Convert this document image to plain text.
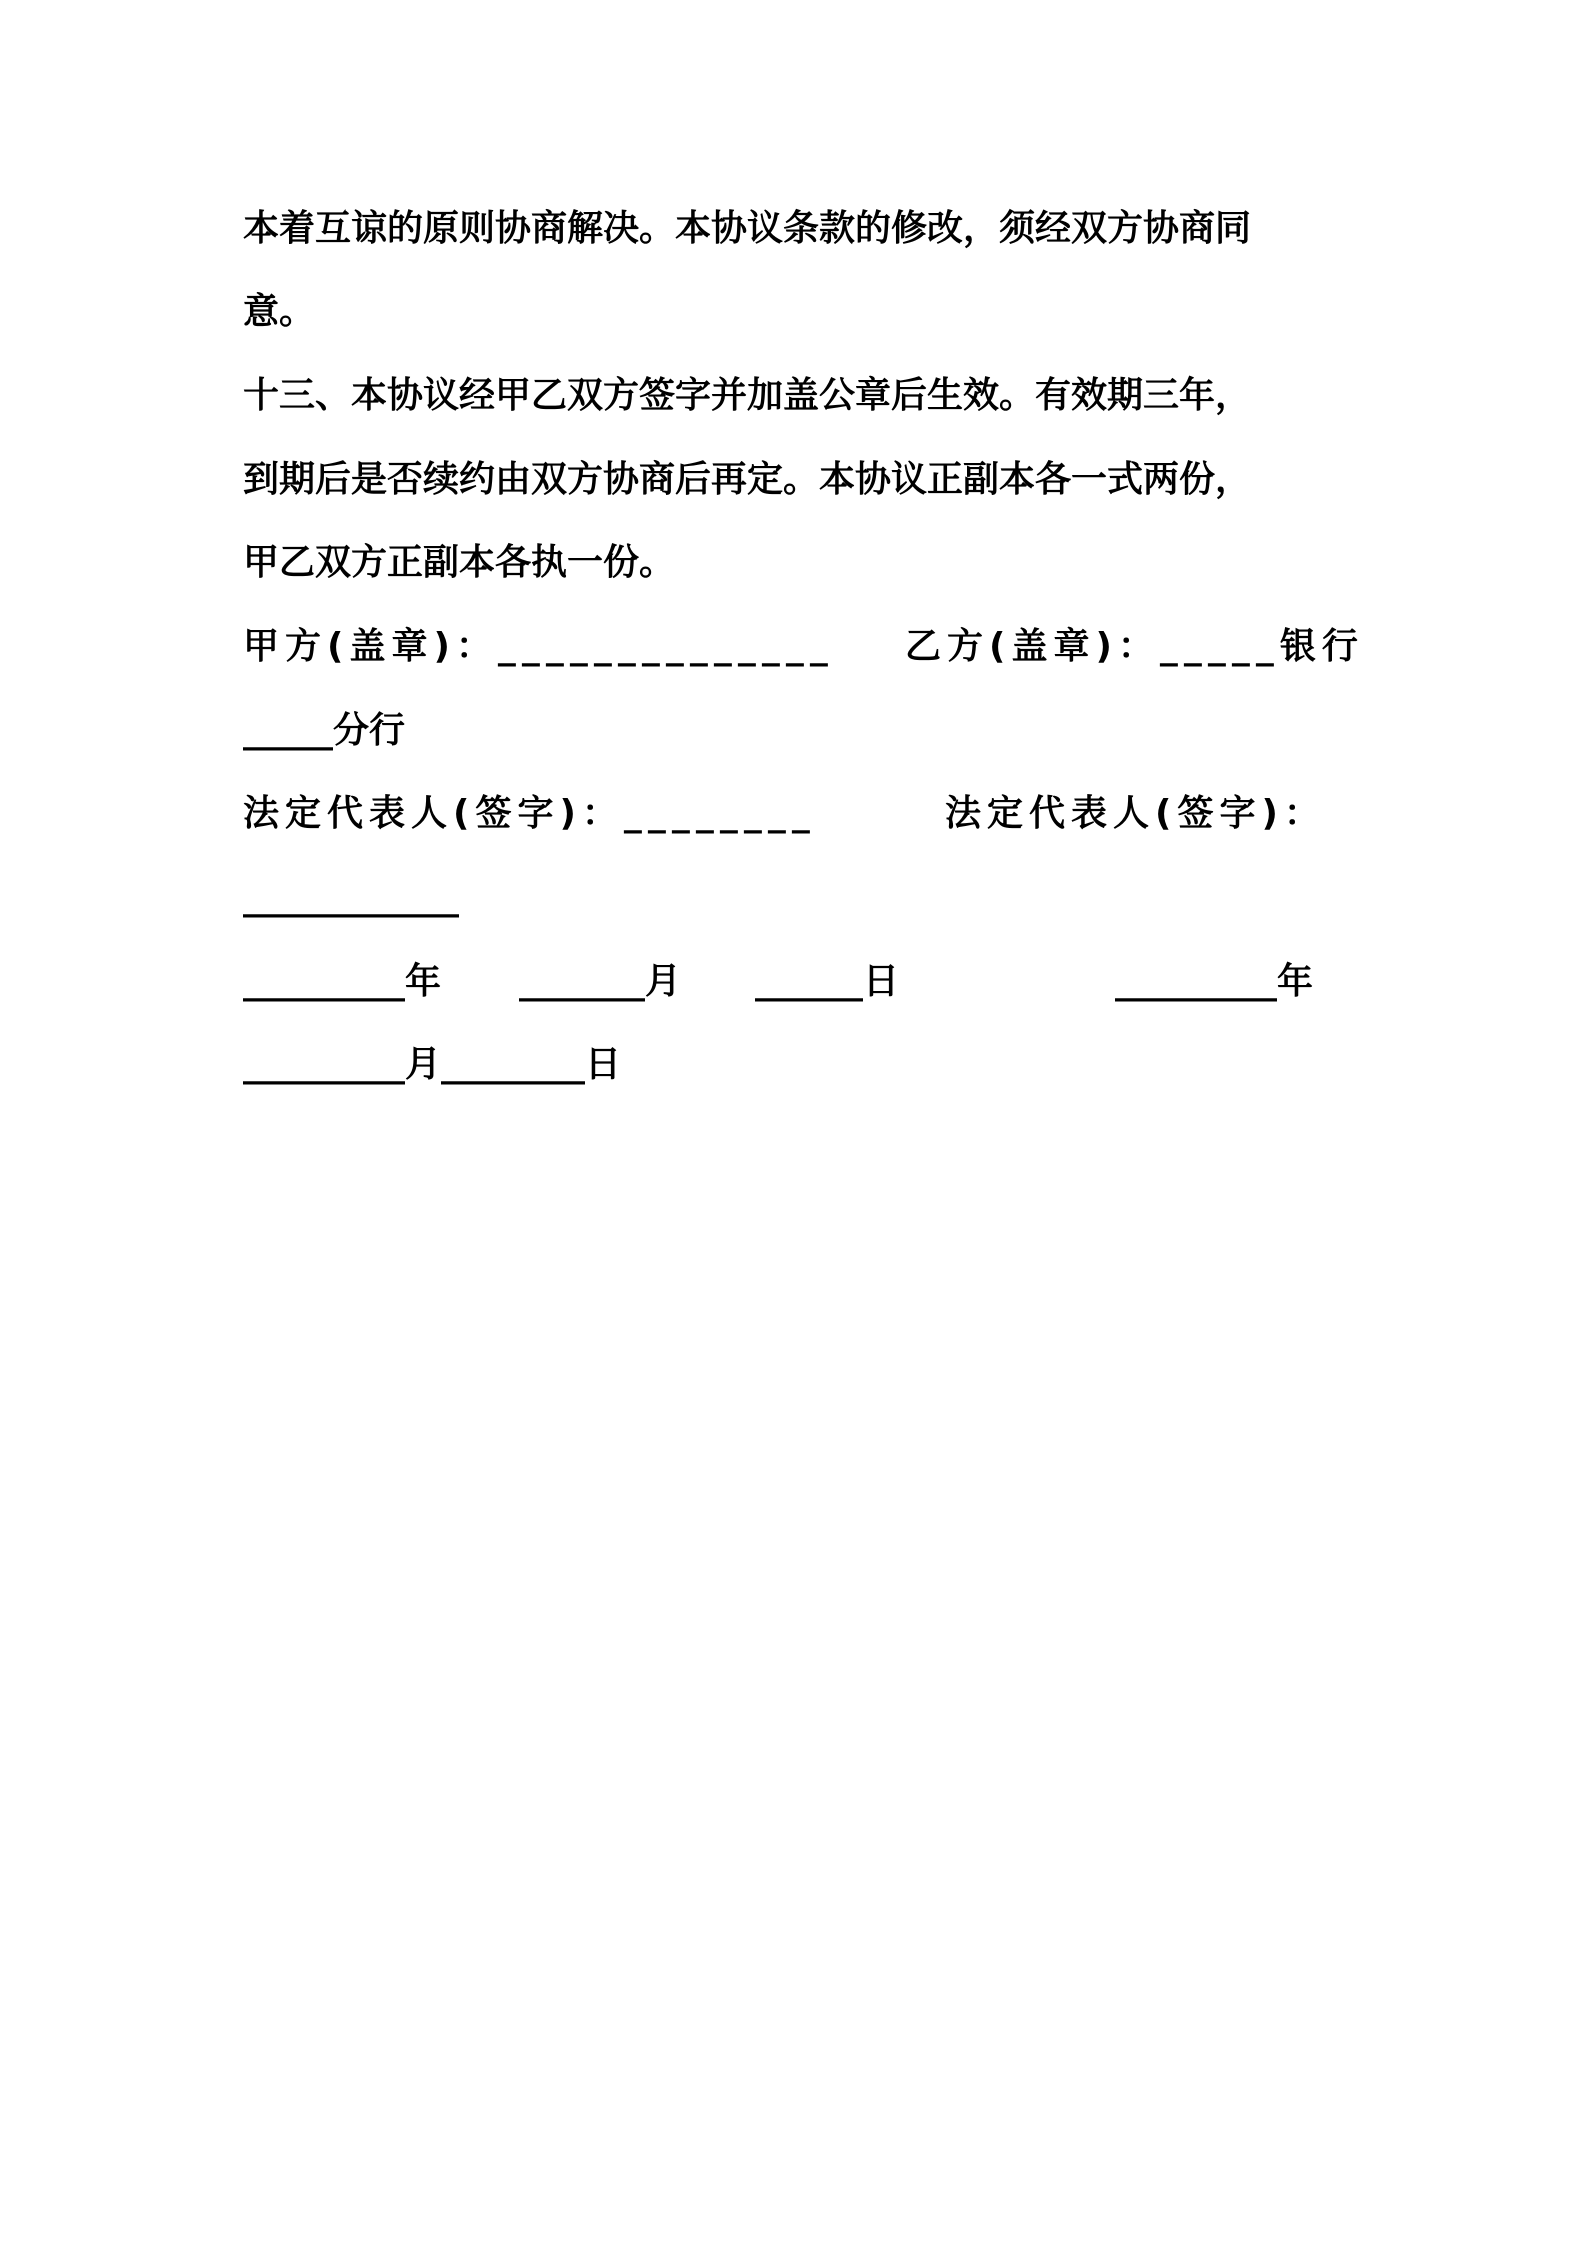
本着互谅的原则协商解决。本协议条款的修改，须经双方协商同
意。
十三、本协议经甲乙双方签字并加盖公章后生效。有效期三年，
到期后是否续约由双方协商后再定。本协议正副本各一式两份，
甲乙双方正副本各执一份。
甲方(盖章)：______________ 乙方(盖章)：_____银行
_____分行
法定代表人(签字)：________	法定代表人(签字)：
____________
_________年 _______月 ______日	_________年
_________月________日
